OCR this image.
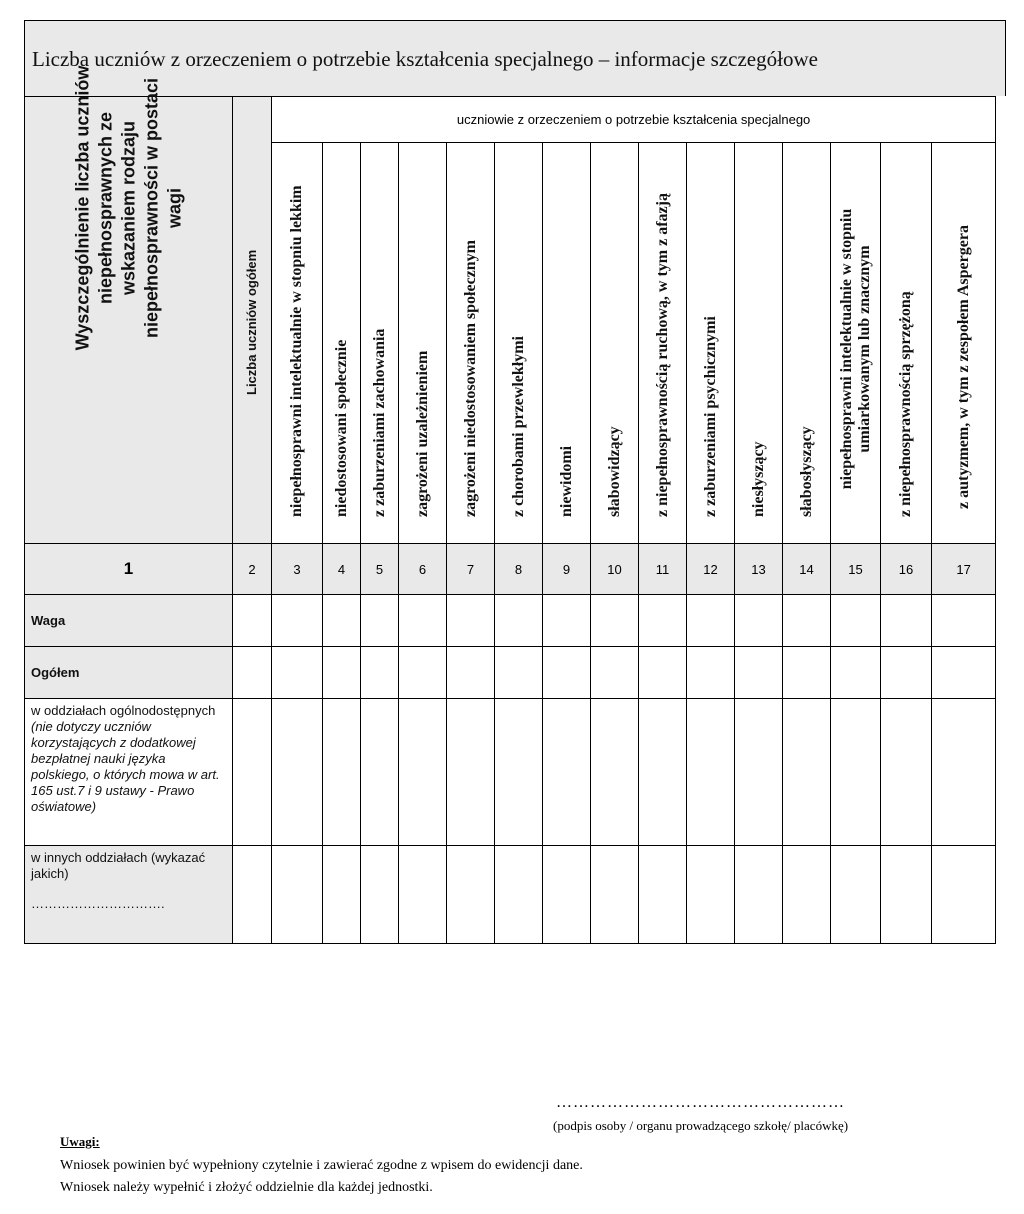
Liczba uczniów z orzeczeniem o potrzebie kształcenia specjalnego – informacje szczegółowe
Wyszczególnienie liczba uczniów niepełnosprawnych ze wskazaniem rodzaju niepełnosprawności w postaci wagi	Liczba uczniów ogółem	uczniowie z orzeczeniem o potrzebie kształcenia specjalnego														

		niepełnosprawni intelektualnie w stopniu lekkim	niedostosowani społecznie	z zaburzeniami zachowania	zagrożeni uzależnieniem	zagrożeni niedostosowaniem społecznym	z chorobami przewlekłymi	niewidomi	słabowidzący	z niepełnosprawnością ruchową, w tym z afazją	z zaburzeniami psychicznymi	niesłyszący	słabosłyszący	niepełnosprawni intelektualnie w stopniu umiarkowanym lub znacznym	z niepełnosprawnością sprzężoną	z autyzmem, w tym z zespołem Aspergera

1	2	3	4	5	6	7	8	9	10	11	12	13	14	15	16	17
Waga																
Ogółem																

w oddziałach ogólnodostępnych
(nie dotyczy uczniów korzystających z dodatkowej bezpłatnej nauki języka polskiego, o których mowa w art. 165 ust.7 i 9 ustawy - Prawo oświatowe)																

w innych oddziałach (wykazać jakich)
………………………….																

……………………………………………
(podpis osoby / organu prowadzącego szkołę/ placówkę)
Uwagi:
Wniosek powinien być wypełniony czytelnie i zawierać zgodne z wpisem do ewidencji dane.
Wniosek należy wypełnić i złożyć oddzielnie dla każdej jednostki.
